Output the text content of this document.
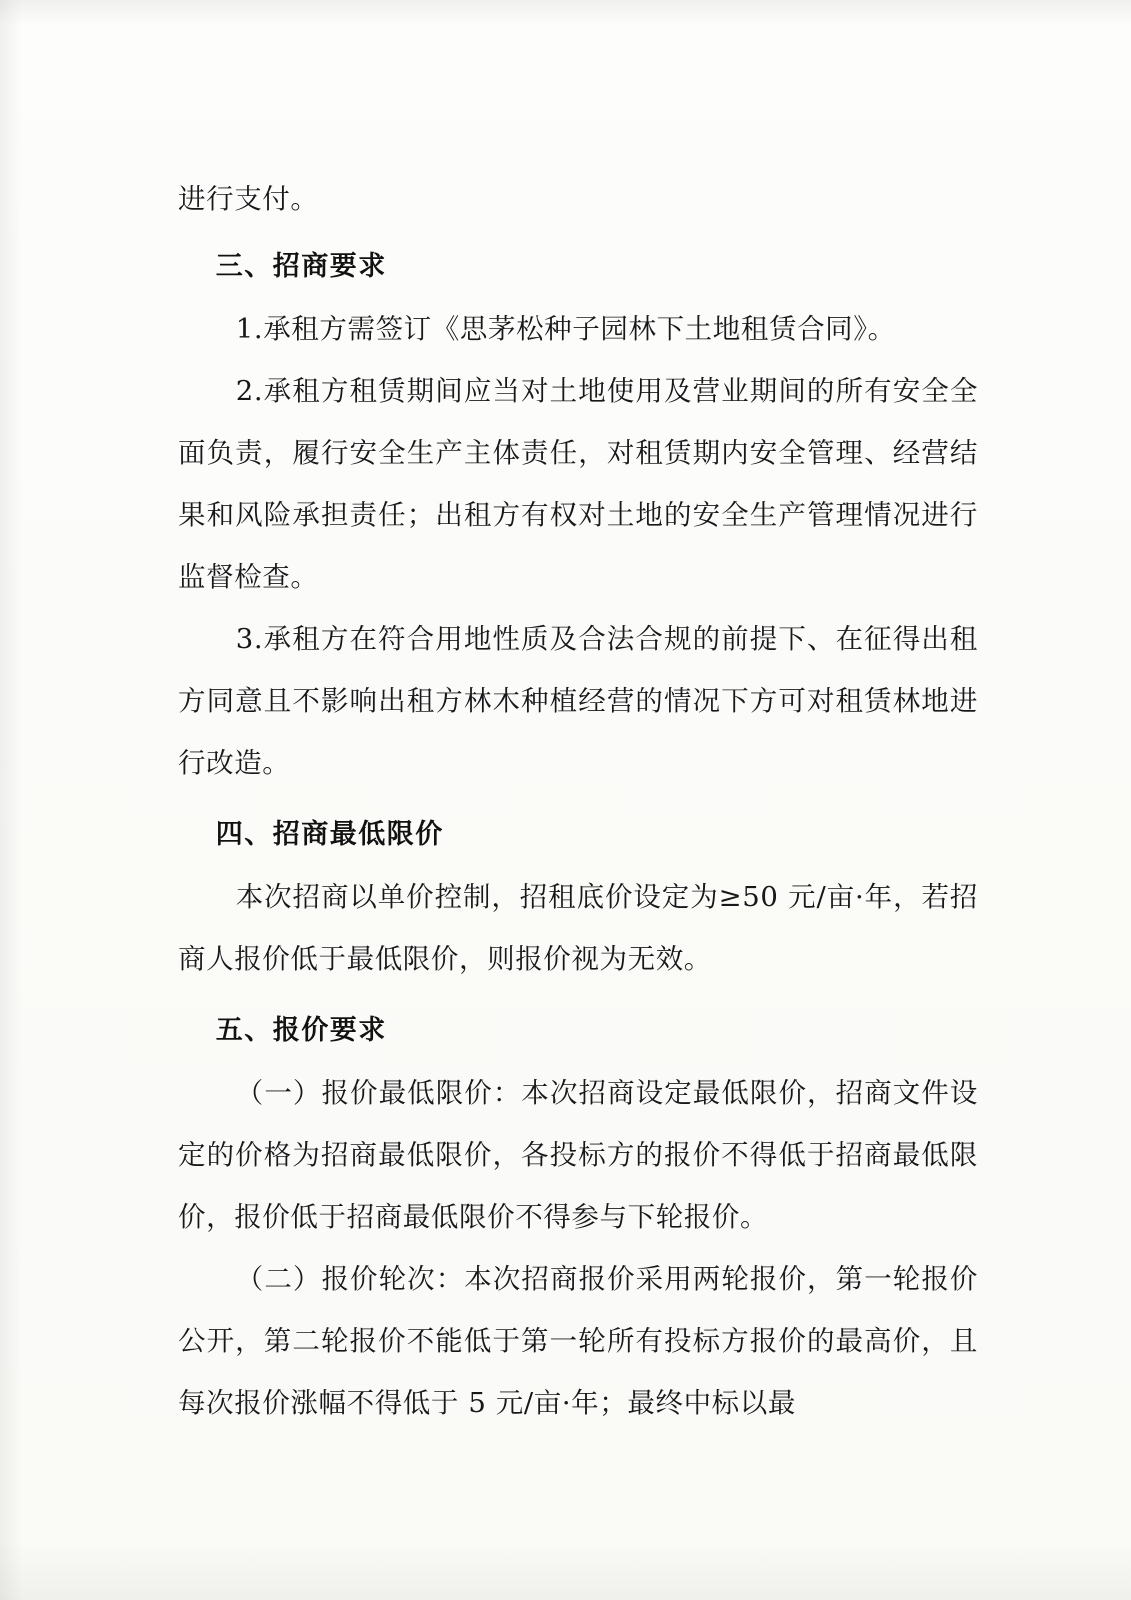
进行支付。

三、招商要求

1.承租方需签订《思茅松种子园林下土地租赁合同》。

2.承租方租赁期间应当对土地使用及营业期间的所有安全全面负责，履行安全生产主体责任，对租赁期内安全管理、经营结果和风险承担责任；出租方有权对土地的安全生产管理情况进行监督检查。

3.承租方在符合用地性质及合法合规的前提下、在征得出租方同意且不影响出租方林木种植经营的情况下方可对租赁林地进行改造。

四、招商最低限价

本次招商以单价控制，招租底价设定为≥50 元/亩·年，若招商人报价低于最低限价，则报价视为无效。

五、报价要求

（一）报价最低限价：本次招商设定最低限价，招商文件设定的价格为招商最低限价，各投标方的报价不得低于招商最低限价，报价低于招商最低限价不得参与下轮报价。

（二）报价轮次：本次招商报价采用两轮报价，第一轮报价公开，第二轮报价不能低于第一轮所有投标方报价的最高价，且每次报价涨幅不得低于 5 元/亩·年；最终中标以最
